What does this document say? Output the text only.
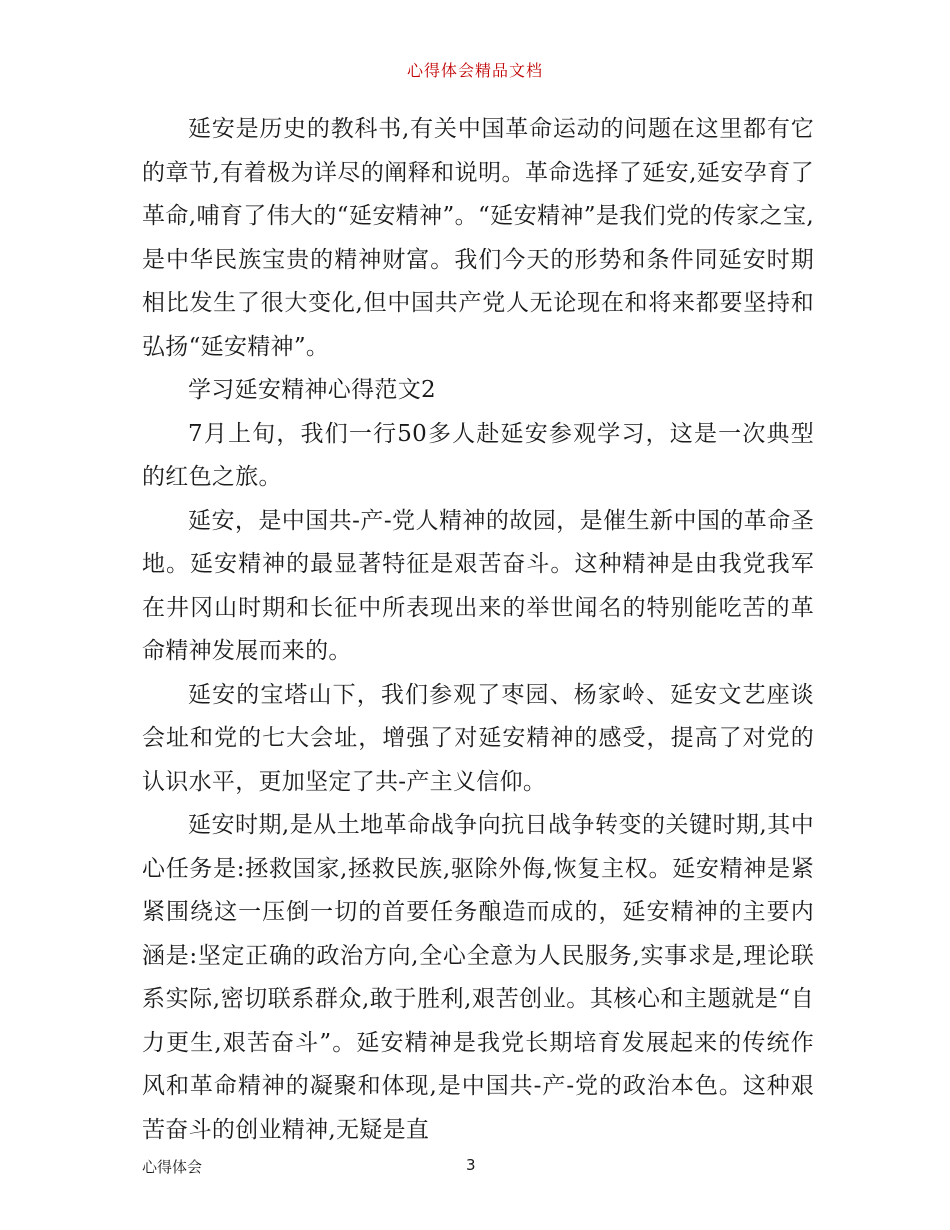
心得体会精品文档

延安是历史的教科书,有关中国革命运动的问题在这里都有它的章节,有着极为详尽的阐释和说明。革命选择了延安,延安孕育了革命,哺育了伟大的“延安精神”。“延安精神”是我们党的传家之宝,是中华民族宝贵的精神财富。我们今天的形势和条件同延安时期相比发生了很大变化,但中国共产党人无论现在和将来都要坚持和弘扬“延安精神”。

学习延安精神心得范文2

7月上旬，我们一行50多人赴延安参观学习，这是一次典型的红色之旅。

延安，是中国共-产-党人精神的故园，是催生新中国的革命圣地。延安精神的最显著特征是艰苦奋斗。这种精神是由我党我军在井冈山时期和长征中所表现出来的举世闻名的特别能吃苦的革命精神发展而来的。

延安的宝塔山下，我们参观了枣园、杨家岭、延安文艺座谈会址和党的七大会址，增强了对延安精神的感受，提高了对党的认识水平，更加坚定了共-产主义信仰。

延安时期,是从土地革命战争向抗日战争转变的关键时期,其中心任务是:拯救国家,拯救民族,驱除外侮,恢复主权。延安精神是紧紧围绕这一压倒一切的首要任务酿造而成的，延安精神的主要内涵是:坚定正确的政治方向,全心全意为人民服务,实事求是,理论联系实际,密切联系群众,敢于胜利,艰苦创业。其核心和主题就是“自力更生,艰苦奋斗”。延安精神是我党长期培育发展起来的传统作风和革命精神的凝聚和体现,是中国共-产-党的政治本色。这种艰苦奋斗的创业精神,无疑是直

心得体会	3
